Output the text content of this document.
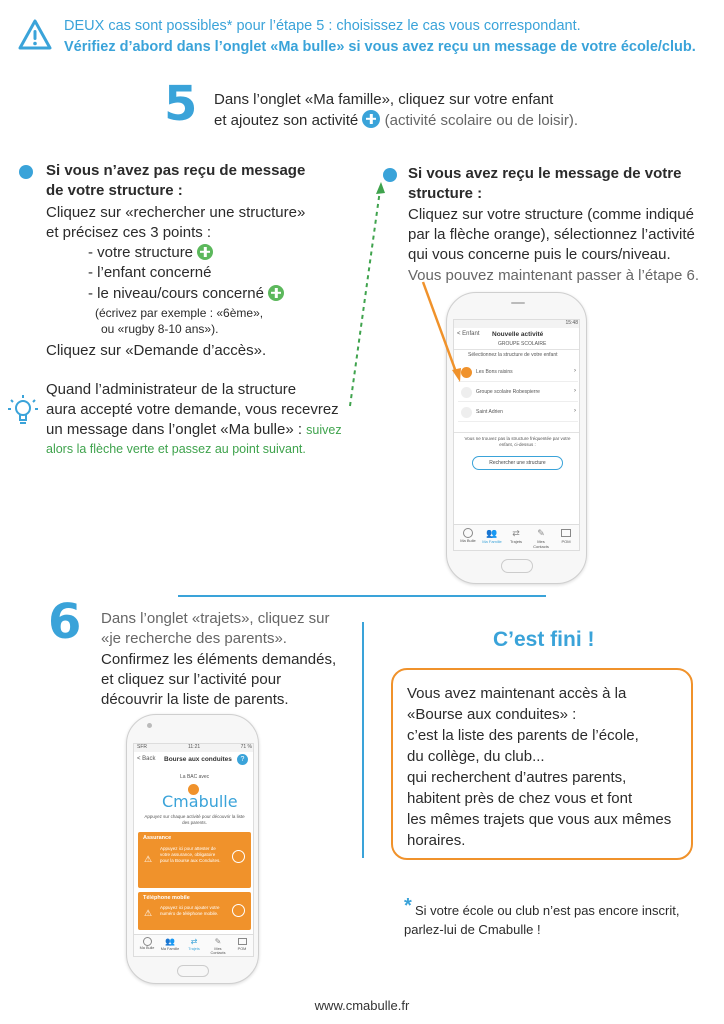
DEUX cas sont possibles* pour l’étape 5 : choisissez le cas vous correspondant.
Vérifiez d’abord dans l’onglet «Ma bulle» si vous avez reçu un message de votre école/club.
5 Dans l’onglet «Ma famille», cliquez sur votre enfant
et ajoutez son activité (activité scolaire ou de loisir).
Si vous n’avez pas reçu de message
de votre structure :
Cliquez sur «rechercher une structure»
et précisez ces 3 points :
- votre structure
- l’enfant concerné
- le niveau/cours concerné
(écrivez par exemple : «6ème»,
ou «rugby 8-10 ans»).
Cliquez sur «Demande d’accès».
Quand l’administrateur de la structure
aura accepté votre demande, vous recevrez
un message dans l’onglet «Ma bulle» : suivez
alors la flèche verte et passez au point suivant.
Si vous avez reçu le message de votre
structure :
Cliquez sur votre structure (comme indiqué
par la flèche orange), sélectionnez l’activité
qui vous concerne puis le cours/niveau.
Vous pouvez maintenant passer à l’étape 6.
15:48
< Enfant Nouvelle activité
GROUPE SCOLAIRE
Sélectionnez la structure de votre enfant
Les Bons raisins	›
Groupe scolaire Robespierre	›
Saint Adrien	›
Vous ne trouvez pas la structure fréquentée par votre enfant, ci-dessus :
Rechercher une structure
Ma Bulle
👥
Ma Famille
⇄
Trajets
✎
Mes Contacts
POM
6 Dans l’onglet «trajets», cliquez sur
«je recherche des parents».
Confirmez les éléments demandés,
et cliquez sur l’activité pour
découvrir la liste de parents.
SFR	11:21	71 %
< Back Bourse aux conduites	?
La BAC avec
Cmabulle
Appuyez sur chaque activité pour découvrir la liste des parents.
Assurance
⚠
Appuyez ici pour attester de votre assurance, obligatoire pour la Bourse aux Conduites.
Téléphone mobile
⚠
Appuyez ici pour ajouter votre numéro de téléphone mobile.
Ma Bulle
👥
Ma Famille
⇄
Trajets
✎
Mes Contacts
POM
C’est fini !
Vous avez maintenant accès à la
«Bourse aux conduites» :
c’est la liste des parents de l’école,
du collège, du club...
qui recherchent d’autres parents,
habitent près de chez vous et font
les mêmes trajets que vous aux mêmes
horaires.
* Si votre école ou club n’est pas encore inscrit,
parlez-lui de Cmabulle !
www.cmabulle.fr
